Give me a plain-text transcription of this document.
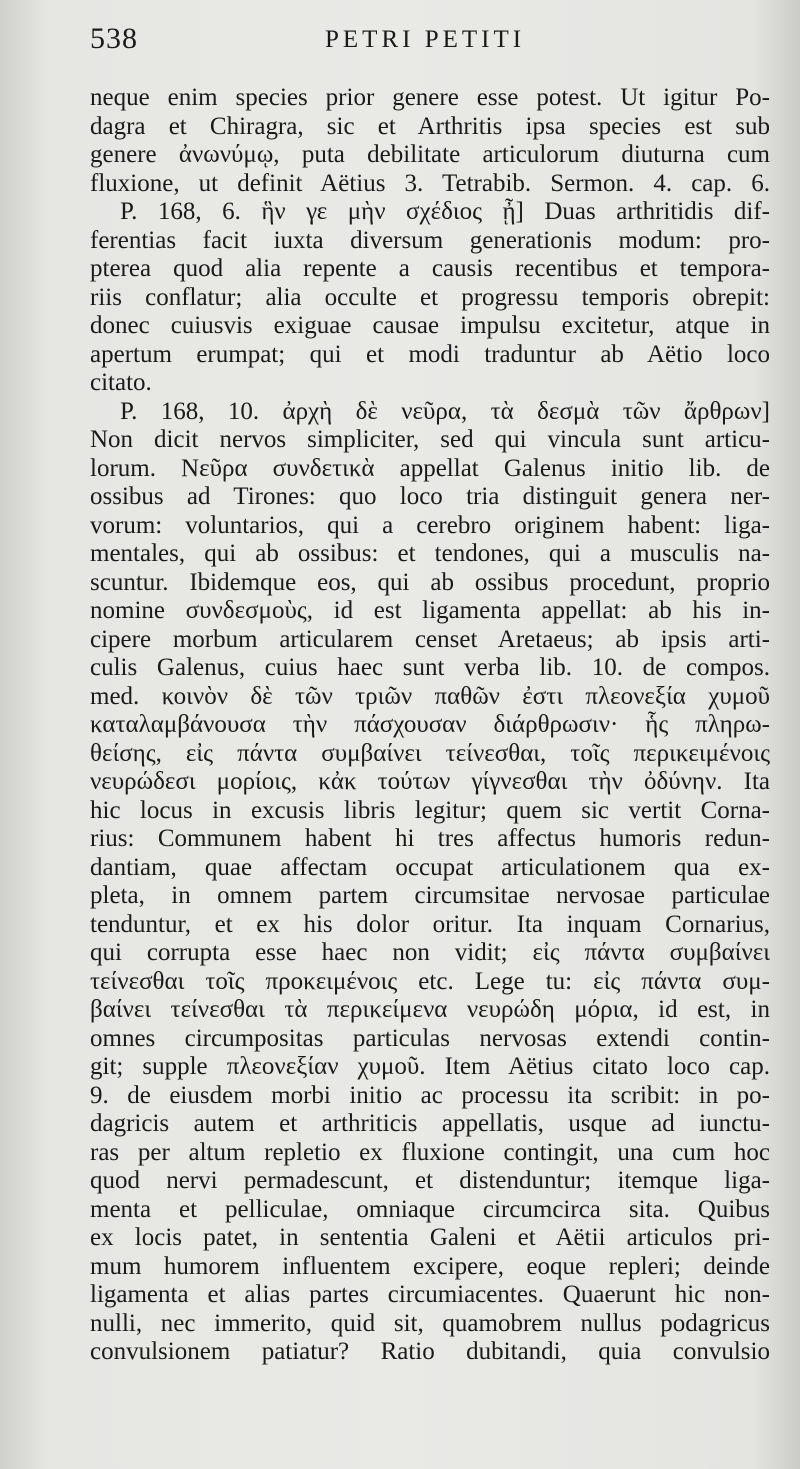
538	PETRI PETITI
neque enim species prior genere esse potest. Ut igitur Po-
dagra et Chiragra, sic et Arthritis ipsa species est sub
genere ἀνωνύμῳ, puta debilitate articulorum diuturna cum
fluxione, ut definit Aëtius 3. Tetrabib. Sermon. 4. cap. 6.
P. 168, 6. ἣν γε μὴν σχέδιος ᾖ] Duas arthritidis dif-
ferentias facit iuxta diversum generationis modum: pro-
pterea quod alia repente a causis recentibus et tempora-
riis conflatur; alia occulte et progressu temporis obrepit:
donec cuiusvis exiguae causae impulsu excitetur, atque in
apertum erumpat; qui et modi traduntur ab Aëtio loco
citato.
P. 168, 10. ἀρχὴ δὲ νεῦρα, τὰ δεσμὰ τῶν ἄρθρων]
Non dicit nervos simpliciter, sed qui vincula sunt articu-
lorum. Νεῦρα συνδετικὰ appellat Galenus initio lib. de
ossibus ad Tirones: quo loco tria distinguit genera ner-
vorum: voluntarios, qui a cerebro originem habent: liga-
mentales, qui ab ossibus: et tendones, qui a musculis na-
scuntur. Ibidemque eos, qui ab ossibus procedunt, proprio
nomine συνδεσμοὺς, id est ligamenta appellat: ab his in-
cipere morbum articularem censet Aretaeus; ab ipsis arti-
culis Galenus, cuius haec sunt verba lib. 10. de compos.
med. κοινὸν δὲ τῶν τριῶν παθῶν ἐστι πλεονεξία χυμοῦ
καταλαμβάνουσα τὴν πάσχουσαν διάρθρωσιν· ἧς πληρω-
θείσης, εἰς πάντα συμβαίνει τείνεσθαι, τοῖς περικειμένοις
νευρώδεσι μορίοις, κἀκ τούτων γίγνεσθαι τὴν ὀδύνην. Ita
hic locus in excusis libris legitur; quem sic vertit Corna-
rius: Communem habent hi tres affectus humoris redun-
dantiam, quae affectam occupat articulationem qua ex-
pleta, in omnem partem circumsitae nervosae particulae
tenduntur, et ex his dolor oritur. Ita inquam Cornarius,
qui corrupta esse haec non vidit; εἰς πάντα συμβαίνει
τείνεσθαι τοῖς προκειμένοις etc. Lege tu: εἰς πάντα συμ-
βαίνει τείνεσθαι τὰ περικείμενα νευρώδη μόρια, id est, in
omnes circumpositas particulas nervosas extendi contin-
git; supple πλεονεξίαν χυμοῦ. Item Aëtius citato loco cap.
9. de eiusdem morbi initio ac processu ita scribit: in po-
dagricis autem et arthriticis appellatis, usque ad iunctu-
ras per altum repletio ex fluxione contingit, una cum hoc
quod nervi permadescunt, et distenduntur; itemque liga-
menta et pelliculae, omniaque circumcirca sita. Quibus
ex locis patet, in sententia Galeni et Aëtii articulos pri-
mum humorem influentem excipere, eoque repleri; deinde
ligamenta et alias partes circumiacentes. Quaerunt hic non-
nulli, nec immerito, quid sit, quamobrem nullus podagricus
convulsionem patiatur? Ratio dubitandi, quia convulsio
